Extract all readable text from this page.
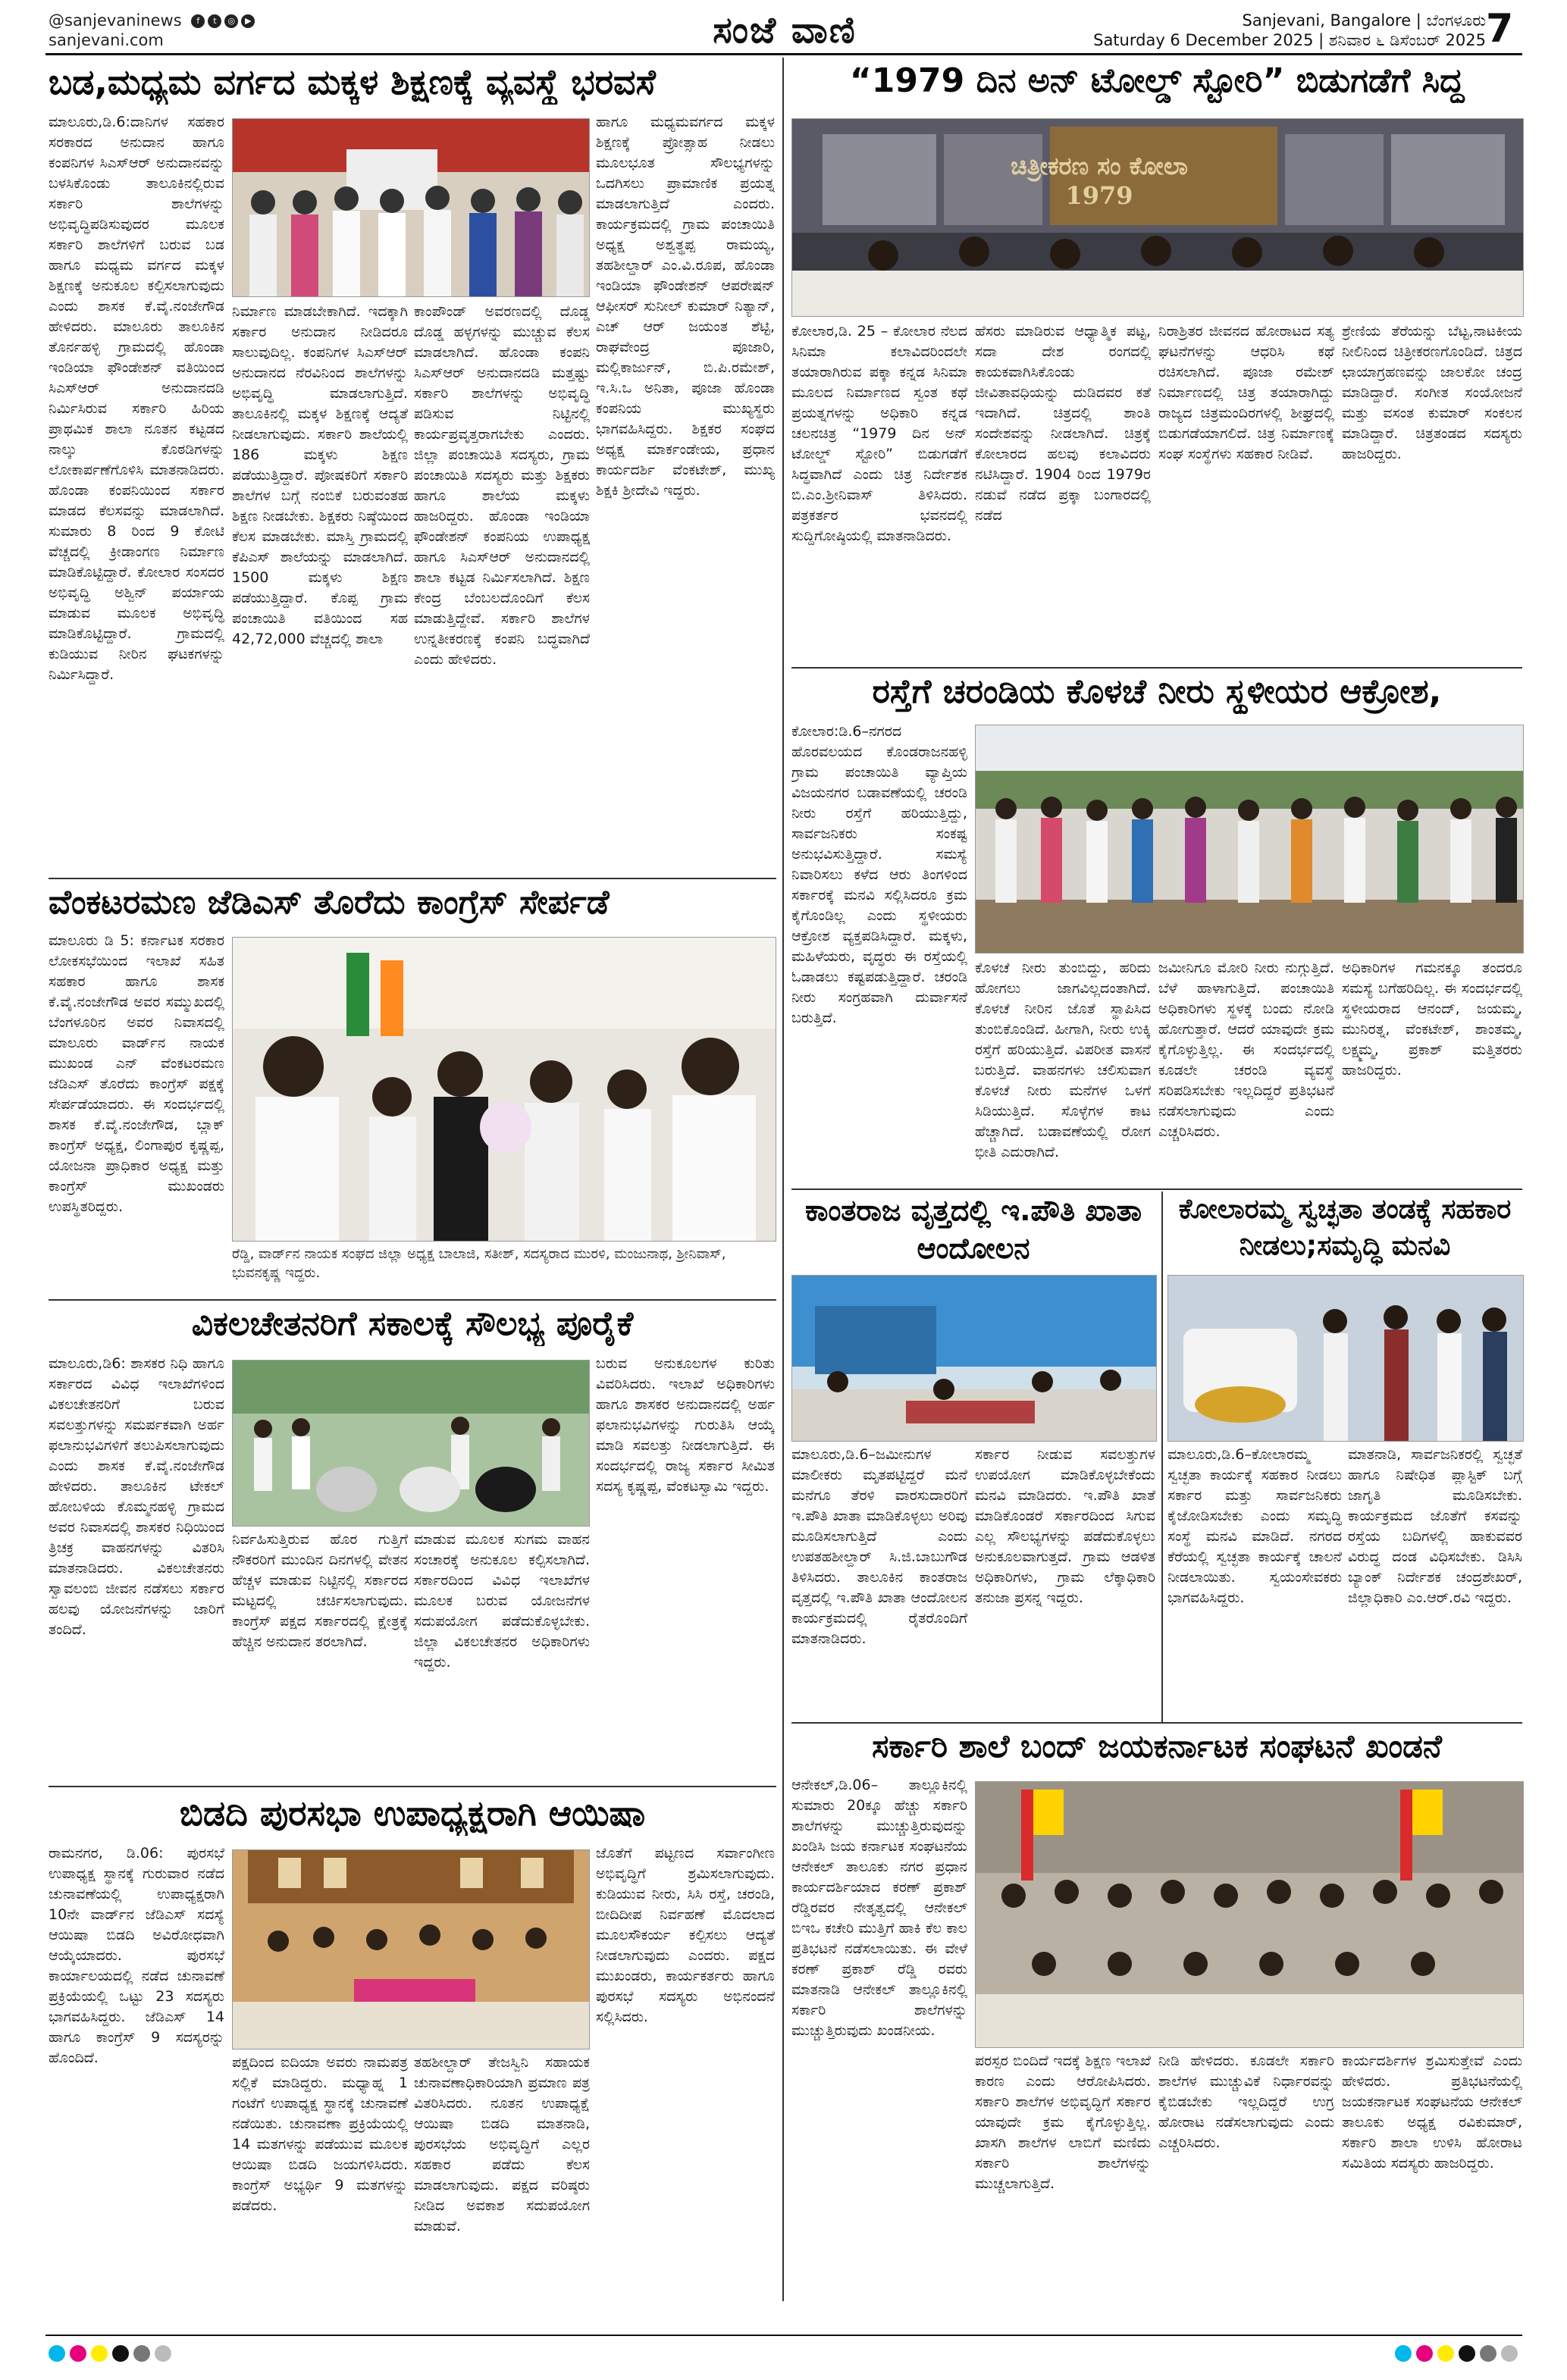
@sanjevaninews	f	t	◎	▶
sanjevani.com	ಸಂಜೆ ವಾಣಿ	Sanjevani, Bangalore | ಬೆಂಗಳೂರು
Saturday 6 December 2025 | ಶನಿವಾರ ೬ ಡಿಸೆಂಬರ್ 2025 7
ಬಡ,ಮಧ್ಯಮ ವರ್ಗದ ಮಕ್ಕಳ ಶಿಕ್ಷಣಕ್ಕೆ ವ್ಯವಸ್ಥೆ ಭರವಸೆ
ಮಾಲೂರು,ಡಿ.6:ದಾನಿಗಳ ಸಹಕಾರ ಸರಕಾರದ ಅನುದಾನ ಹಾಗೂ ಕಂಪನಿಗಳ ಸಿಎಸ್‌ಆರ್ ಅನುದಾನವನ್ನು ಬಳಸಿಕೊಂಡು ತಾಲೂಕಿನಲ್ಲಿರುವ ಸರ್ಕಾರಿ ಶಾಲೆಗಳನ್ನು ಅಭಿವೃದ್ಧಿಪಡಿಸುವುದರ ಮೂಲಕ ಸರ್ಕಾರಿ ಶಾಲೆಗಳಿಗೆ ಬರುವ ಬಡ ಹಾಗೂ ಮಧ್ಯಮ ವರ್ಗದ ಮಕ್ಕಳ ಶಿಕ್ಷಣಕ್ಕೆ ಅನುಕೂಲ ಕಲ್ಪಿಸಲಾಗುವುದು ಎಂದು ಶಾಸಕ ಕೆ.ವೈ.ನಂಜೇಗೌಡ ಹೇಳಿದರು. ಮಾಲೂರು ತಾಲೂಕಿನ ತೊರ್ನಹಳ್ಳಿ ಗ್ರಾಮದಲ್ಲಿ ಹೊಂಡಾ ಇಂಡಿಯಾ ಫೌಂಡೇಶನ್ ವತಿಯಿಂದ ಸಿಎಸ್‌ಆರ್ ಅನುದಾನದಡಿ ನಿರ್ಮಿಸಿರುವ ಸರ್ಕಾರಿ ಹಿರಿಯ ಪ್ರಾಥಮಿಕ ಶಾಲಾ ನೂತನ ಕಟ್ಟಡದ ನಾಲ್ಕು ಕೊಠಡಿಗಳನ್ನು ಲೋಕಾರ್ಪಣೆಗೊಳಿಸಿ ಮಾತನಾಡಿದರು. ಹೊಂಡಾ ಕಂಪನಿಯಿಂದ ಸರ್ಕಾರ ಮಾಡದ ಕೆಲಸವನ್ನು ಮಾಡಲಾಗಿದೆ. ಸುಮಾರು 8 ರಿಂದ 9 ಕೋಟಿ ವೆಚ್ಚದಲ್ಲಿ ಕ್ರೀಡಾಂಗಣ ನಿರ್ಮಾಣ ಮಾಡಿಕೊಟ್ಟಿದ್ದಾರೆ. ಕೋಲಾರ ಸಂಸದರ ಅಭಿವೃದ್ಧಿ ಅಶ್ವಿನ್ ಪರ್ಯಾಯ ಮಾಡುವ ಮೂಲಕ ಅಭಿವೃದ್ಧಿ ಮಾಡಿಕೊಟ್ಟಿದ್ದಾರೆ. ಗ್ರಾಮದಲ್ಲಿ ಕುಡಿಯುವ ನೀರಿನ ಘಟಕಗಳನ್ನು ನಿರ್ಮಿಸಿದ್ದಾರೆ.
ನಿರ್ಮಾಣ ಮಾಡಬೇಕಾಗಿದೆ. ಇದಕ್ಕಾಗಿ ಸರ್ಕಾರ ಅನುದಾನ ನೀಡಿದರೂ ಸಾಲುವುದಿಲ್ಲ. ಕಂಪನಿಗಳ ಸಿಎಸ್‌ಆರ್ ಅನುದಾನದ ನೆರವಿನಿಂದ ಶಾಲೆಗಳನ್ನು ಅಭಿವೃದ್ಧಿ ಮಾಡಲಾಗುತ್ತಿದೆ. ತಾಲೂಕಿನಲ್ಲಿ ಮಕ್ಕಳ ಶಿಕ್ಷಣಕ್ಕೆ ಆದ್ಯತೆ ನೀಡಲಾಗುವುದು. ಸರ್ಕಾರಿ ಶಾಲೆಯಲ್ಲಿ 186 ಮಕ್ಕಳು ಶಿಕ್ಷಣ ಪಡೆಯುತ್ತಿದ್ದಾರೆ. ಪೋಷಕರಿಗೆ ಸರ್ಕಾರಿ ಶಾಲೆಗಳ ಬಗ್ಗೆ ನಂಬಿಕೆ ಬರುವಂತಹ ಶಿಕ್ಷಣ ನೀಡಬೇಕು. ಶಿಕ್ಷಕರು ನಿಷ್ಠೆಯಿಂದ ಕೆಲಸ ಮಾಡಬೇಕು. ಮಾಸ್ತಿ ಗ್ರಾಮದಲ್ಲಿ ಕೆಪಿಎಸ್ ಶಾಲೆಯನ್ನು ಮಾಡಲಾಗಿದೆ. 1500 ಮಕ್ಕಳು ಶಿಕ್ಷಣ ಪಡೆಯುತ್ತಿದ್ದಾರೆ. ಕೊಪ್ಪ ಗ್ರಾಮ ಪಂಚಾಯಿತಿ ವತಿಯಿಂದ ಸಹ 42,72,000 ವೆಚ್ಚದಲ್ಲಿ ಶಾಲಾ
ಕಾಂಪೌಂಡ್ ಅವರಣದಲ್ಲಿ ದೊಡ್ಡ ದೊಡ್ಡ ಹಳ್ಳಗಳನ್ನು ಮುಚ್ಚುವ ಕೆಲಸ ಮಾಡಲಾಗಿದೆ. ಹೊಂಡಾ ಕಂಪನಿ ಸಿಎಸ್‌ಆರ್ ಅನುದಾನದಡಿ ಮತ್ತಷ್ಟು ಸರ್ಕಾರಿ ಶಾಲೆಗಳನ್ನು ಅಭಿವೃದ್ಧಿ ಪಡಿಸುವ ನಿಟ್ಟಿನಲ್ಲಿ ಕಾರ್ಯಪ್ರವೃತ್ತರಾಗಬೇಕು ಎಂದರು. ಜಿಲ್ಲಾ ಪಂಚಾಯಿತಿ ಸದಸ್ಯರು, ಗ್ರಾಮ ಪಂಚಾಯಿತಿ ಸದಸ್ಯರು ಮತ್ತು ಶಿಕ್ಷಕರು ಹಾಗೂ ಶಾಲೆಯ ಮಕ್ಕಳು ಹಾಜರಿದ್ದರು. ಹೊಂಡಾ ಇಂಡಿಯಾ ಫೌಂಡೇಶನ್ ಕಂಪನಿಯ ಉಪಾಧ್ಯಕ್ಷ ಹಾಗೂ ಸಿಎಸ್‌ಆರ್ ಅನುದಾನದಲ್ಲಿ ಶಾಲಾ ಕಟ್ಟಡ ನಿರ್ಮಿಸಲಾಗಿದೆ. ಶಿಕ್ಷಣ ಕೇಂದ್ರ ಬೆಂಬಲದೊಂದಿಗೆ ಕೆಲಸ ಮಾಡುತ್ತಿದ್ದೇವೆ. ಸರ್ಕಾರಿ ಶಾಲೆಗಳ ಉನ್ನತೀಕರಣಕ್ಕೆ ಕಂಪನಿ ಬದ್ಧವಾಗಿದೆ ಎಂದು ಹೇಳಿದರು.
ಹಾಗೂ ಮಧ್ಯಮವರ್ಗದ ಮಕ್ಕಳ ಶಿಕ್ಷಣಕ್ಕೆ ಪ್ರೋತ್ಸಾಹ ನೀಡಲು ಮೂಲಭೂತ ಸೌಲಭ್ಯಗಳನ್ನು ಒದಗಿಸಲು ಪ್ರಾಮಾಣಿಕ ಪ್ರಯತ್ನ ಮಾಡಲಾಗುತ್ತಿದೆ ಎಂದರು. ಕಾರ್ಯಕ್ರಮದಲ್ಲಿ ಗ್ರಾಮ ಪಂಚಾಯಿತಿ ಅಧ್ಯಕ್ಷ ಅಶ್ವತ್ಥಪ್ಪ ರಾಮಯ್ಯ, ತಹಶೀಲ್ದಾರ್ ಎಂ.ವಿ.ರೂಪ, ಹೊಂಡಾ ಇಂಡಿಯಾ ಫೌಂಡೇಶನ್ ಆಪರೇಷನ್ ಆಫೀಸರ್ ಸುನೀಲ್ ಕುಮಾರ್ ನಿತ್ಯಾನ್, ಎಚ್ ಆರ್ ಜಯಂತ ಶೆಟ್ಟಿ, ರಾಘವೇಂದ್ರ ಪೂಜಾರಿ, ಮಲ್ಲಿಕಾರ್ಜುನ್, ಬಿ.ಪಿ.ರಮೇಶ್, ಇ.ಸಿ.ಒ ಅನಿತಾ, ಪೂಜಾ ಹೊಂಡಾ ಕಂಪನಿಯ ಮುಖ್ಯಸ್ಥರು ಭಾಗವಹಿಸಿದ್ದರು. ಶಿಕ್ಷಕರ ಸಂಘದ ಅಧ್ಯಕ್ಷ ಮಾರ್ಕಂಡೇಯ, ಪ್ರಧಾನ ಕಾರ್ಯದರ್ಶಿ ವೆಂಕಟೇಶ್, ಮುಖ್ಯ ಶಿಕ್ಷಕಿ ಶ್ರೀದೇವಿ ಇದ್ದರು.
ವೆಂಕಟರಮಣ ಜೆಡಿಎಸ್ ತೊರೆದು ಕಾಂಗ್ರೆಸ್ ಸೇರ್ಪಡೆ
ಮಾಲೂರು ಡಿ 5: ಕರ್ನಾಟಕ ಸರಕಾರ ಲೋಕಸಭೆಯಿಂದ ಇಲಾಖೆ ಸಹಿತ ಸಹಕಾರ ಹಾಗೂ ಶಾಸಕ ಕೆ.ವೈ.ನಂಜೇಗೌಡ ಅವರ ಸಮ್ಮುಖದಲ್ಲಿ ಬೆಂಗಳೂರಿನ ಅವರ ನಿವಾಸದಲ್ಲಿ ಮಾಲೂರು ವಾರ್ಡ್‌ನ ನಾಯಕ ಮುಖಂಡ ಎನ್ ವೆಂಕಟರಮಣ ಜೆಡಿಎಸ್ ತೊರೆದು ಕಾಂಗ್ರೆಸ್ ಪಕ್ಷಕ್ಕೆ ಸೇರ್ಪಡೆಯಾದರು. ಈ ಸಂದರ್ಭದಲ್ಲಿ ಶಾಸಕ ಕೆ.ವೈ.ನಂಜೇಗೌಡ, ಬ್ಲಾಕ್ ಕಾಂಗ್ರೆಸ್ ಅಧ್ಯಕ್ಷ, ಲಿಂಗಾಪುರ ಕೃಷ್ಣಪ್ಪ, ಯೋಜನಾ ಪ್ರಾಧಿಕಾರ ಅಧ್ಯಕ್ಷ ಮತ್ತು ಕಾಂಗ್ರೆಸ್ ಮುಖಂಡರು ಉಪಸ್ಥಿತರಿದ್ದರು.
ರೆಡ್ಡಿ, ವಾರ್ಡ್‌ನ ನಾಯಕ ಸಂಘದ ಜಿಲ್ಲಾ ಅಧ್ಯಕ್ಷ ಬಾಲಾಜಿ, ಸತೀಶ್, ಸದಸ್ಯರಾದ ಮುರಳಿ, ಮಂಜುನಾಥ, ಶ್ರೀನಿವಾಸ್, ಭುವನಕೃಷ್ಣ ಇದ್ದರು.
ವಿಕಲಚೇತನರಿಗೆ ಸಕಾಲಕ್ಕೆ ಸೌಲಭ್ಯ ಪೂರೈಕೆ
ಮಾಲೂರು,ಡಿ6: ಶಾಸಕರ ನಿಧಿ ಹಾಗೂ ಸರ್ಕಾರದ ವಿವಿಧ ಇಲಾಖೆಗಳಿಂದ ವಿಕಲಚೇತನರಿಗೆ ಬರುವ ಸವಲತ್ತುಗಳನ್ನು ಸಮರ್ಪಕವಾಗಿ ಅರ್ಹ ಫಲಾನುಭವಿಗಳಿಗೆ ತಲುಪಿಸಲಾಗುವುದು ಎಂದು ಶಾಸಕ ಕೆ.ವೈ.ನಂಜೇಗೌಡ ಹೇಳಿದರು. ತಾಲೂಕಿನ ಟೇಕಲ್ ಹೋಬಳಿಯ ಕೊಮ್ಮನಹಳ್ಳಿ ಗ್ರಾಮದ ಅವರ ನಿವಾಸದಲ್ಲಿ ಶಾಸಕರ ನಿಧಿಯಿಂದ ತ್ರಿಚಕ್ರ ವಾಹನಗಳನ್ನು ವಿತರಿಸಿ ಮಾತನಾಡಿದರು. ವಿಕಲಚೇತನರು ಸ್ವಾವಲಂಬಿ ಜೀವನ ನಡೆಸಲು ಸರ್ಕಾರ ಹಲವು ಯೋಜನೆಗಳನ್ನು ಜಾರಿಗೆ ತಂದಿದೆ.
ನಿರ್ವಹಿಸುತ್ತಿರುವ ಹೊರ ಗುತ್ತಿಗೆ ನೌಕರರಿಗೆ ಮುಂದಿನ ದಿನಗಳಲ್ಲಿ ವೇತನ ಹೆಚ್ಚಳ ಮಾಡುವ ನಿಟ್ಟಿನಲ್ಲಿ ಸರ್ಕಾರದ ಮಟ್ಟದಲ್ಲಿ ಚರ್ಚಿಸಲಾಗುವುದು. ಕಾಂಗ್ರೆಸ್ ಪಕ್ಷದ ಸರ್ಕಾರದಲ್ಲಿ ಕ್ಷೇತ್ರಕ್ಕೆ ಹೆಚ್ಚಿನ ಅನುದಾನ ತರಲಾಗಿದೆ.
ಮಾಡುವ ಮೂಲಕ ಸುಗಮ ವಾಹನ ಸಂಚಾರಕ್ಕೆ ಅನುಕೂಲ ಕಲ್ಪಿಸಲಾಗಿದೆ. ಸರ್ಕಾರದಿಂದ ವಿವಿಧ ಇಲಾಖೆಗಳ ಮೂಲಕ ಬರುವ ಯೋಜನೆಗಳ ಸದುಪಯೋಗ ಪಡೆದುಕೊಳ್ಳಬೇಕು. ಜಿಲ್ಲಾ ವಿಕಲಚೇತನರ ಅಧಿಕಾರಿಗಳು ಇದ್ದರು.
ಬರುವ ಅನುಕೂಲಗಳ ಕುರಿತು ವಿವರಿಸಿದರು. ಇಲಾಖೆ ಅಧಿಕಾರಿಗಳು ಹಾಗೂ ಶಾಸಕರ ಅನುದಾನದಲ್ಲಿ ಅರ್ಹ ಫಲಾನುಭವಿಗಳನ್ನು ಗುರುತಿಸಿ ಆಯ್ಕೆ ಮಾಡಿ ಸವಲತ್ತು ನೀಡಲಾಗುತ್ತಿದೆ. ಈ ಸಂದರ್ಭದಲ್ಲಿ ರಾಜ್ಯ ಸರ್ಕಾರ ಸೀಮಿತ ಸದಸ್ಯ ಕೃಷ್ಣಪ್ಪ, ವೆಂಕಟಸ್ವಾಮಿ ಇದ್ದರು.
ಬಿಡದಿ ಪುರಸಭಾ ಉಪಾಧ್ಯಕ್ಷರಾಗಿ ಆಯಿಷಾ
ರಾಮನಗರ, ಡಿ.06: ಪುರಸಭೆ ಉಪಾಧ್ಯಕ್ಷ ಸ್ಥಾನಕ್ಕೆ ಗುರುವಾರ ನಡೆದ ಚುನಾವಣೆಯಲ್ಲಿ ಉಪಾಧ್ಯಕ್ಷರಾಗಿ 10ನೇ ವಾರ್ಡ್‌ನ ಜೆಡಿಎಸ್ ಸದಸ್ಯೆ ಆಯಿಷಾ ಬಿಡದಿ ಅವಿರೋಧವಾಗಿ ಆಯ್ಕೆಯಾದರು. ಪುರಸಭೆ ಕಾರ್ಯಾಲಯದಲ್ಲಿ ನಡೆದ ಚುನಾವಣೆ ಪ್ರಕ್ರಿಯೆಯಲ್ಲಿ ಒಟ್ಟು 23 ಸದಸ್ಯರು ಭಾಗವಹಿಸಿದ್ದರು. ಜೆಡಿಎಸ್ 14 ಹಾಗೂ ಕಾಂಗ್ರೆಸ್ 9 ಸದಸ್ಯರನ್ನು ಹೊಂದಿದೆ.	ಪಕ್ಷದಿಂದ ಐದಿಯಾ ಅವರು ನಾಮಪತ್ರ ಸಲ್ಲಿಕೆ ಮಾಡಿದ್ದರು. ಮಧ್ಯಾಹ್ನ 1 ಗಂಟೆಗೆ ಉಪಾಧ್ಯಕ್ಷ ಸ್ಥಾನಕ್ಕೆ ಚುನಾವಣೆ ನಡೆಯಿತು. ಚುನಾವಣಾ ಪ್ರಕ್ರಿಯೆಯಲ್ಲಿ 14 ಮತಗಳನ್ನು ಪಡೆಯುವ ಮೂಲಕ ಆಯಿಷಾ ಬಿಡದಿ ಜಯಗಳಿಸಿದರು. ಕಾಂಗ್ರೆಸ್ ಅಭ್ಯರ್ಥಿ 9 ಮತಗಳನ್ನು ಪಡೆದರು.
ತಹಶೀಲ್ದಾರ್ ತೇಜಸ್ವಿನಿ ಸಹಾಯಕ ಚುನಾವಣಾಧಿಕಾರಿಯಾಗಿ ಪ್ರಮಾಣ ಪತ್ರ ವಿತರಿಸಿದರು. ನೂತನ ಉಪಾಧ್ಯಕ್ಷೆ ಆಯಿಷಾ ಬಿಡದಿ ಮಾತನಾಡಿ, ಪುರಸಭೆಯ ಅಭಿವೃದ್ಧಿಗೆ ಎಲ್ಲರ ಸಹಕಾರ ಪಡೆದು ಕೆಲಸ ಮಾಡಲಾಗುವುದು. ಪಕ್ಷದ ವರಿಷ್ಠರು ನೀಡಿದ ಅವಕಾಶ ಸದುಪಯೋಗ ಮಾಡುವೆ.
ಜೊತೆಗೆ ಪಟ್ಟಣದ ಸರ್ವಾಂಗೀಣ ಅಭಿವೃದ್ಧಿಗೆ ಶ್ರಮಿಸಲಾಗುವುದು. ಕುಡಿಯುವ ನೀರು, ಸಿಸಿ ರಸ್ತೆ, ಚರಂಡಿ, ಬೀದಿದೀಪ ನಿರ್ವಹಣೆ ಮೊದಲಾದ ಮೂಲಸೌಕರ್ಯ ಕಲ್ಪಿಸಲು ಆದ್ಯತೆ ನೀಡಲಾಗುವುದು ಎಂದರು. ಪಕ್ಷದ ಮುಖಂಡರು, ಕಾರ್ಯಕರ್ತರು ಹಾಗೂ ಪುರಸಭೆ ಸದಸ್ಯರು ಅಭಿನಂದನೆ ಸಲ್ಲಿಸಿದರು.
“1979 ದಿನ ಅನ್ ಟೋಲ್ಡ್ ಸ್ಟೋರಿ” ಬಿಡುಗಡೆಗೆ ಸಿದ್ಧ
ಚಿತ್ರೀಕರಣ ಸಂ ಕೋಲಾ 1979
ಕೋಲಾರ,ಡಿ. 25 – ಕೋಲಾರ ನೆಲದ ಸಿನಿಮಾ ಕಲಾವಿದರಿಂದಲೇ ತಯಾರಾಗಿರುವ ಪಕ್ಕಾ ಕನ್ನಡ ಸಿನಿಮಾ ಮೂಲದ ನಿರ್ಮಾಣದ ಸ್ವಂತ ಕಥೆ ಪ್ರಯತ್ನಗಳನ್ನು ಅಧಿಕಾರಿ ಕನ್ನಡ ಚಲನಚಿತ್ರ “1979 ದಿನ ಅನ್ ಟೋಲ್ಡ್ ಸ್ಟೋರಿ” ಬಿಡುಗಡೆಗೆ ಸಿದ್ಧವಾಗಿದೆ ಎಂದು ಚಿತ್ರ ನಿರ್ದೇಶಕ ಬಿ.ಎಂ.ಶ್ರೀನಿವಾಸ್ ತಿಳಿಸಿದರು. ಪತ್ರಕರ್ತರ ಭವನದಲ್ಲಿ ಸುದ್ದಿಗೋಷ್ಠಿಯಲ್ಲಿ ಮಾತನಾಡಿದರು.
ಹೆಸರು ಮಾಡಿರುವ ಆಧ್ಯಾತ್ಮಿಕ ಪಟ್ಟ, ಸದಾ ದೇಶ ರಂಗದಲ್ಲಿ ಕಾಯಕವಾಗಿಸಿಕೊಂಡು ಜೀವಿತಾವಧಿಯನ್ನು ದುಡಿದವರ ಕತೆ ಇದಾಗಿದೆ. ಚಿತ್ರದಲ್ಲಿ ಶಾಂತಿ ಸಂದೇಶವನ್ನು ನೀಡಲಾಗಿದೆ. ಚಿತ್ರಕ್ಕೆ ಕೋಲಾರದ ಹಲವು ಕಲಾವಿದರು ನಟಿಸಿದ್ದಾರೆ. 1904 ರಿಂದ 1979ರ ನಡುವೆ ನಡೆದ ಪ್ರಕ್ಕಾ ಬಂಗಾರದಲ್ಲಿ ನಡೆದ
ನಿರಾಶ್ರಿತರ ಜೀವನದ ಹೋರಾಟದ ಸತ್ಯ ಘಟನೆಗಳನ್ನು ಆಧರಿಸಿ ಕಥೆ ರಚಿಸಲಾಗಿದೆ. ಪೂಜಾ ರಮೇಶ್ ನಿರ್ಮಾಣದಲ್ಲಿ ಚಿತ್ರ ತಯಾರಾಗಿದ್ದು ರಾಜ್ಯದ ಚಿತ್ರಮಂದಿರಗಳಲ್ಲಿ ಶೀಘ್ರದಲ್ಲಿ ಬಿಡುಗಡೆಯಾಗಲಿದೆ. ಚಿತ್ರ ನಿರ್ಮಾಣಕ್ಕೆ ಸಂಘ ಸಂಸ್ಥೆಗಳು ಸಹಕಾರ ನೀಡಿವೆ.
ಶ್ರೇಣಿಯ ತೆರೆಯನ್ನು ಬೆಟ್ಟ,ನಾಟಕೀಯ ನೀಲಿನಿಂದ ಚಿತ್ರೀಕರಣಗೊಂಡಿದೆ. ಚಿತ್ರದ ಛಾಯಾಗ್ರಹಣವನ್ನು ಜಾಲಕೋ ಚಂದ್ರ ಮಾಡಿದ್ದಾರೆ. ಸಂಗೀತ ಸಂಯೋಜನೆ ಮತ್ತು ವಸಂತ ಕುಮಾರ್ ಸಂಕಲನ ಮಾಡಿದ್ದಾರೆ. ಚಿತ್ರತಂಡದ ಸದಸ್ಯರು ಹಾಜರಿದ್ದರು.
ರಸ್ತೆಗೆ ಚರಂಡಿಯ ಕೊಳಚೆ ನೀರು ಸ್ಥಳೀಯರ ಆಕ್ರೋಶ,
ಕೋಲಾರ:ಡಿ.6–ನಗರದ ಹೊರವಲಯದ ಕೊಂಡರಾಜನಹಳ್ಳಿ ಗ್ರಾಮ ಪಂಚಾಯಿತಿ ವ್ಯಾಪ್ತಿಯ ವಿಜಯನಗರ ಬಡಾವಣೆಯಲ್ಲಿ ಚರಂಡಿ ನೀರು ರಸ್ತೆಗೆ ಹರಿಯುತ್ತಿದ್ದು, ಸಾರ್ವಜನಿಕರು ಸಂಕಷ್ಟ ಅನುಭವಿಸುತ್ತಿದ್ದಾರೆ. ಸಮಸ್ಯೆ ನಿವಾರಿಸಲು ಕಳೆದ ಆರು ತಿಂಗಳಿಂದ ಸರ್ಕಾರಕ್ಕೆ ಮನವಿ ಸಲ್ಲಿಸಿದರೂ ಕ್ರಮ ಕೈಗೊಂಡಿಲ್ಲ ಎಂದು ಸ್ಥಳೀಯರು ಆಕ್ರೋಶ ವ್ಯಕ್ತಪಡಿಸಿದ್ದಾರೆ. ಮಕ್ಕಳು, ಮಹಿಳೆಯರು, ವೃದ್ಧರು ಈ ರಸ್ತೆಯಲ್ಲಿ ಓಡಾಡಲು ಕಷ್ಟಪಡುತ್ತಿದ್ದಾರೆ. ಚರಂಡಿ ನೀರು ಸಂಗ್ರಹವಾಗಿ ದುರ್ವಾಸನೆ ಬರುತ್ತಿದೆ.
ಕೊಳಚೆ ನೀರು ತುಂಬಿದ್ದು, ಹರಿದು ಹೋಗಲು ಜಾಗವಿಲ್ಲದಂತಾಗಿದೆ. ಕೊಳಚೆ ನೀರಿನ ಜೊತೆ ಸ್ಥಾಪಿಸಿದ ತುಂಬಿಕೊಂಡಿದೆ. ಹೀಗಾಗಿ, ನೀರು ಉಕ್ಕಿ ರಸ್ತೆಗೆ ಹರಿಯುತ್ತಿದೆ. ವಿಪರೀತ ವಾಸನೆ ಬರುತ್ತಿದೆ. ವಾಹನಗಳು ಚಲಿಸುವಾಗ ಕೊಳಚೆ ನೀರು ಮನೆಗಳ ಒಳಗೆ ಸಿಡಿಯುತ್ತಿದೆ. ಸೊಳ್ಳೆಗಳ ಕಾಟ ಹೆಚ್ಚಾಗಿದೆ. ಬಡಾವಣೆಯಲ್ಲಿ ರೋಗ ಭೀತಿ ಎದುರಾಗಿದೆ.
ಜಮೀನಿಗೂ ಮೋರಿ ನೀರು ನುಗ್ಗುತ್ತಿದೆ. ಬೆಳೆ ಹಾಳಾಗುತ್ತಿದೆ. ಪಂಚಾಯಿತಿ ಅಧಿಕಾರಿಗಳು ಸ್ಥಳಕ್ಕೆ ಬಂದು ನೋಡಿ ಹೋಗುತ್ತಾರೆ. ಆದರೆ ಯಾವುದೇ ಕ್ರಮ ಕೈಗೊಳ್ಳುತ್ತಿಲ್ಲ. ಈ ಸಂದರ್ಭದಲ್ಲಿ ಕೂಡಲೇ ಚರಂಡಿ ವ್ಯವಸ್ಥೆ ಸರಿಪಡಿಸಬೇಕು ಇಲ್ಲದಿದ್ದರೆ ಪ್ರತಿಭಟನೆ ನಡೆಸಲಾಗುವುದು ಎಂದು ಎಚ್ಚರಿಸಿದರು.
ಅಧಿಕಾರಿಗಳ ಗಮನಕ್ಕೂ ತಂದರೂ ಸಮಸ್ಯೆ ಬಗೆಹರಿದಿಲ್ಲ. ಈ ಸಂದರ್ಭದಲ್ಲಿ ಸ್ಥಳೀಯರಾದ ಆನಂದ್, ಜಯಮ್ಮ, ಮುನಿರತ್ನ, ವೆಂಕಟೇಶ್, ಶಾಂತಮ್ಮ, ಲಕ್ಷ್ಮಮ್ಮ, ಪ್ರಕಾಶ್ ಮತ್ತಿತರರು ಹಾಜರಿದ್ದರು.
ಕಾಂತರಾಜ ವೃತ್ತದಲ್ಲಿ ಇ.ಪೌತಿ ಖಾತಾ ಆಂದೋಲನ
ಮಾಲೂರು,ಡಿ.6–ಜಮೀನುಗಳ ಮಾಲೀಕರು ಮೃತಪಟ್ಟಿದ್ದರೆ ಮನೆ ಮನೆಗೂ ತೆರಳಿ ವಾರಸುದಾರರಿಗೆ ಇ.ಪೌತಿ ಖಾತಾ ಮಾಡಿಕೊಳ್ಳಲು ಅರಿವು ಮೂಡಿಸಲಾಗುತ್ತಿದೆ ಎಂದು ಉಪತಹಶೀಲ್ದಾರ್ ಸಿ.ಜಿ.ಬಾಬುಗೌಡ ತಿಳಿಸಿದರು. ತಾಲೂಕಿನ ಕಾಂತರಾಜ ವೃತ್ತದಲ್ಲಿ ಇ.ಪೌತಿ ಖಾತಾ ಆಂದೋಲನ ಕಾರ್ಯಕ್ರಮದಲ್ಲಿ ರೈತರೊಂದಿಗೆ ಮಾತನಾಡಿದರು.
ಸರ್ಕಾರ ನೀಡುವ ಸವಲತ್ತುಗಳ ಉಪಯೋಗ ಮಾಡಿಕೊಳ್ಳಬೇಕೆಂದು ಮನವಿ ಮಾಡಿದರು. ಇ.ಪೌತಿ ಖಾತೆ ಮಾಡಿಕೊಂಡರೆ ಸರ್ಕಾರದಿಂದ ಸಿಗುವ ಎಲ್ಲ ಸೌಲಭ್ಯಗಳನ್ನು ಪಡೆದುಕೊಳ್ಳಲು ಅನುಕೂಲವಾಗುತ್ತದೆ. ಗ್ರಾಮ ಆಡಳಿತ ಅಧಿಕಾರಿಗಳು, ಗ್ರಾಮ ಲೆಕ್ಕಾಧಿಕಾರಿ ತನುಜಾ ಪ್ರಸನ್ನ ಇದ್ದರು.
ಕೋಲಾರಮ್ಮ ಸ್ವಚ್ಛತಾ ತಂಡಕ್ಕೆ ಸಹಕಾರ ನೀಡಲು;ಸಮೃದ್ಧಿ ಮನವಿ
ಮಾಲೂರು,ಡಿ.6–ಕೋಲಾರಮ್ಮ ಸ್ವಚ್ಛತಾ ಕಾರ್ಯಕ್ಕೆ ಸಹಕಾರ ನೀಡಲು ಸರ್ಕಾರ ಮತ್ತು ಸಾರ್ವಜನಿಕರು ಕೈಜೋಡಿಸಬೇಕು ಎಂದು ಸಮೃದ್ಧಿ ಸಂಸ್ಥೆ ಮನವಿ ಮಾಡಿದೆ. ನಗರದ ಕೆರೆಯಲ್ಲಿ ಸ್ವಚ್ಛತಾ ಕಾರ್ಯಕ್ಕೆ ಚಾಲನೆ ನೀಡಲಾಯಿತು. ಸ್ವಯಂಸೇವಕರು ಭಾಗವಹಿಸಿದ್ದರು.
ಮಾತನಾಡಿ, ಸಾರ್ವಜನಿಕರಲ್ಲಿ ಸ್ವಚ್ಛತೆ ಹಾಗೂ ನಿಷೇಧಿತ ಪ್ಲಾಸ್ಟಿಕ್ ಬಗ್ಗೆ ಜಾಗೃತಿ ಮೂಡಿಸಬೇಕು. ಕಾರ್ಯಕ್ರಮದ ಜೊತೆಗೆ ಕಸವನ್ನು ರಸ್ತೆಯ ಬದಿಗಳಲ್ಲಿ ಹಾಕುವವರ ವಿರುದ್ಧ ದಂಡ ವಿಧಿಸಬೇಕು. ಡಿಸಿಸಿ ಬ್ಯಾಂಕ್ ನಿರ್ದೇಶಕ ಚಂದ್ರಶೇಖರ್, ಜಿಲ್ಲಾಧಿಕಾರಿ ಎಂ.ಆರ್.ರವಿ ಇದ್ದರು.
ಸರ್ಕಾರಿ ಶಾಲೆ ಬಂದ್ ಜಯಕರ್ನಾಟಕ ಸಂಘಟನೆ ಖಂಡನೆ
ಆನೇಕಲ್,ಡಿ.06– ತಾಲ್ಲೂಕಿನಲ್ಲಿ ಸುಮಾರು 20ಕ್ಕೂ ಹೆಚ್ಚು ಸರ್ಕಾರಿ ಶಾಲೆಗಳನ್ನು ಮುಚ್ಚುತ್ತಿರುವುದನ್ನು ಖಂಡಿಸಿ ಜಯ ಕರ್ನಾಟಕ ಸಂಘಟನೆಯ ಆನೇಕಲ್ ತಾಲೂಕು ನಗರ ಪ್ರಧಾನ ಕಾರ್ಯದರ್ಶಿಯಾದ ಕರಣ್ ಪ್ರಕಾಶ್ ರೆಡ್ಡಿರವರ ನೇತೃತ್ವದಲ್ಲಿ ಆನೇಕಲ್ ಬಿಇಒ ಕಚೇರಿ ಮುತ್ತಿಗೆ ಹಾಕಿ ಕೆಲ ಕಾಲ ಪ್ರತಿಭಟನೆ ನಡೆಸಲಾಯಿತು. ಈ ವೇಳೆ ಕರಣ್ ಪ್ರಕಾಶ್ ರೆಡ್ಡಿ ರವರು ಮಾತನಾಡಿ ಆನೇಕಲ್ ತಾಲ್ಲೂಕಿನಲ್ಲಿ ಸರ್ಕಾರಿ ಶಾಲೆಗಳನ್ನು ಮುಚ್ಚುತ್ತಿರುವುದು ಖಂಡನೀಯ.
ಪರಸ್ಪರ ಬಿಂದಿದೆ ಇದಕ್ಕೆ ಶಿಕ್ಷಣ ಇಲಾಖೆ ಕಾರಣ ಎಂದು ಆರೋಪಿಸಿದರು. ಸರ್ಕಾರಿ ಶಾಲೆಗಳ ಅಭಿವೃದ್ಧಿಗೆ ಸರ್ಕಾರ ಯಾವುದೇ ಕ್ರಮ ಕೈಗೊಳ್ಳುತ್ತಿಲ್ಲ. ಖಾಸಗಿ ಶಾಲೆಗಳ ಲಾಬಿಗೆ ಮಣಿದು ಸರ್ಕಾರಿ ಶಾಲೆಗಳನ್ನು ಮುಚ್ಚಲಾಗುತ್ತಿದೆ.
ನೀಡಿ ಹೇಳಿದರು. ಕೂಡಲೇ ಸರ್ಕಾರಿ ಶಾಲೆಗಳ ಮುಚ್ಚುವಿಕೆ ನಿರ್ಧಾರವನ್ನು ಕೈಬಿಡಬೇಕು ಇಲ್ಲದಿದ್ದರೆ ಉಗ್ರ ಹೋರಾಟ ನಡೆಸಲಾಗುವುದು ಎಂದು ಎಚ್ಚರಿಸಿದರು.
ಕಾರ್ಯದರ್ಶಿಗಳ ಶ್ರಮಿಸುತ್ತೇವೆ ಎಂದು ಹೇಳಿದರು. ಪ್ರತಿಭಟನೆಯಲ್ಲಿ ಜಯಕರ್ನಾಟಕ ಸಂಘಟನೆಯ ಆನೇಕಲ್ ತಾಲೂಕು ಅಧ್ಯಕ್ಷ ರವಿಕುಮಾರ್, ಸರ್ಕಾರಿ ಶಾಲಾ ಉಳಿಸಿ ಹೋರಾಟ ಸಮಿತಿಯ ಸದಸ್ಯರು ಹಾಜರಿದ್ದರು.
